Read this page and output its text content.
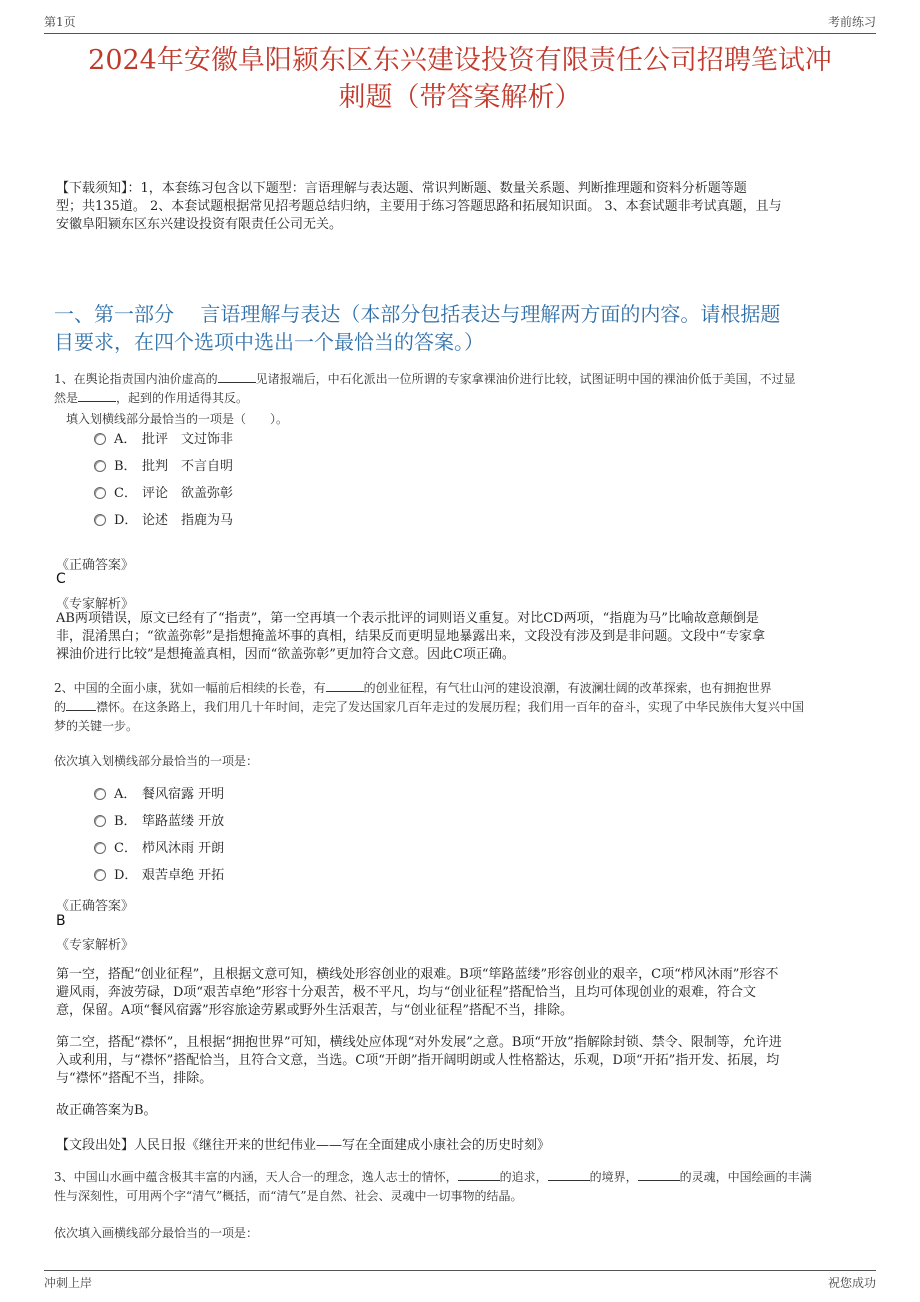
第1页	考前练习
2024年安徽阜阳颍东区东兴建设投资有限责任公司招聘笔试冲
刺题（带答案解析）
【下载须知】：1，本套练习包含以下题型：言语理解与表达题、常识判断题、数量关系题、判断推理题和资料分析题等题
型；共135道。 2、本套试题根据常见招考题总结归纳，主要用于练习答题思路和拓展知识面。 3、本套试题非考试真题，且与
安徽阜阳颍东区东兴建设投资有限责任公司无关。
一、第一部分　 言语理解与表达（本部分包括表达与理解两方面的内容。请根据题
目要求，在四个选项中选出一个最恰当的答案。）
1、在舆论指责国内油价虚高的	见诸报端后，中石化派出一位所谓的专家拿裸油价进行比较，试图证明中国的裸油价低于美国，不过显
然是	，起到的作用适得其反。
填入划横线部分最恰当的一项是（　　）。
A． 批评　文过饰非
B． 批判　不言自明
C． 评论　欲盖弥彰
D． 论述　指鹿为马
《正确答案》
C
《专家解析》
AB两项错误，原文已经有了“指责”，第一空再填一个表示批评的词则语义重复。对比CD两项，“指鹿为马”比喻故意颠倒是
非，混淆黑白；“欲盖弥彰”是指想掩盖坏事的真相，结果反而更明显地暴露出来，文段没有涉及到是非问题。文段中“专家拿
裸油价进行比较”是想掩盖真相，因而“欲盖弥彰”更加符合文意。因此C项正确。
2、中国的全面小康，犹如一幅前后相续的长卷，有	的创业征程，有气壮山河的建设浪潮，有波澜壮阔的改革探索，也有拥抱世界
的	襟怀。在这条路上，我们用几十年时间，走完了发达国家几百年走过的发展历程；我们用一百年的奋斗，实现了中华民族伟大复兴中国
梦的关键一步。
依次填入划横线部分最恰当的一项是：
A． 餐风宿露 开明
B． 筚路蓝缕 开放
C． 栉风沐雨 开朗
D． 艰苦卓绝 开拓
《正确答案》
B
《专家解析》
第一空，搭配“创业征程”，且根据文意可知，横线处形容创业的艰难。B项“筚路蓝缕”形容创业的艰辛，C项“栉风沐雨”形容不
避风雨，奔波劳碌，D项“艰苦卓绝”形容十分艰苦，极不平凡，均与“创业征程”搭配恰当，且均可体现创业的艰难，符合文
意，保留。A项“餐风宿露”形容旅途劳累或野外生活艰苦，与“创业征程”搭配不当，排除。
第二空，搭配“襟怀”，且根据“拥抱世界”可知，横线处应体现“对外发展”之意。B项“开放”指解除封锁、禁令、限制等，允许进
入或利用，与“襟怀”搭配恰当，且符合文意，当选。C项“开朗”指开阔明朗或人性格豁达，乐观，D项“开拓”指开发、拓展，均
与“襟怀”搭配不当，排除。
故正确答案为B。
【文段出处】人民日报《继往开来的世纪伟业——写在全面建成小康社会的历史时刻》
3、中国山水画中蕴含极其丰富的内涵，天人合一的理念，逸人志士的情怀，	的追求，	的境界，	的灵魂，中国绘画的丰满
性与深刻性，可用两个字“清气”概括，而“清气”是自然、社会、灵魂中一切事物的结晶。
依次填入画横线部分最恰当的一项是：
冲刺上岸	祝您成功
